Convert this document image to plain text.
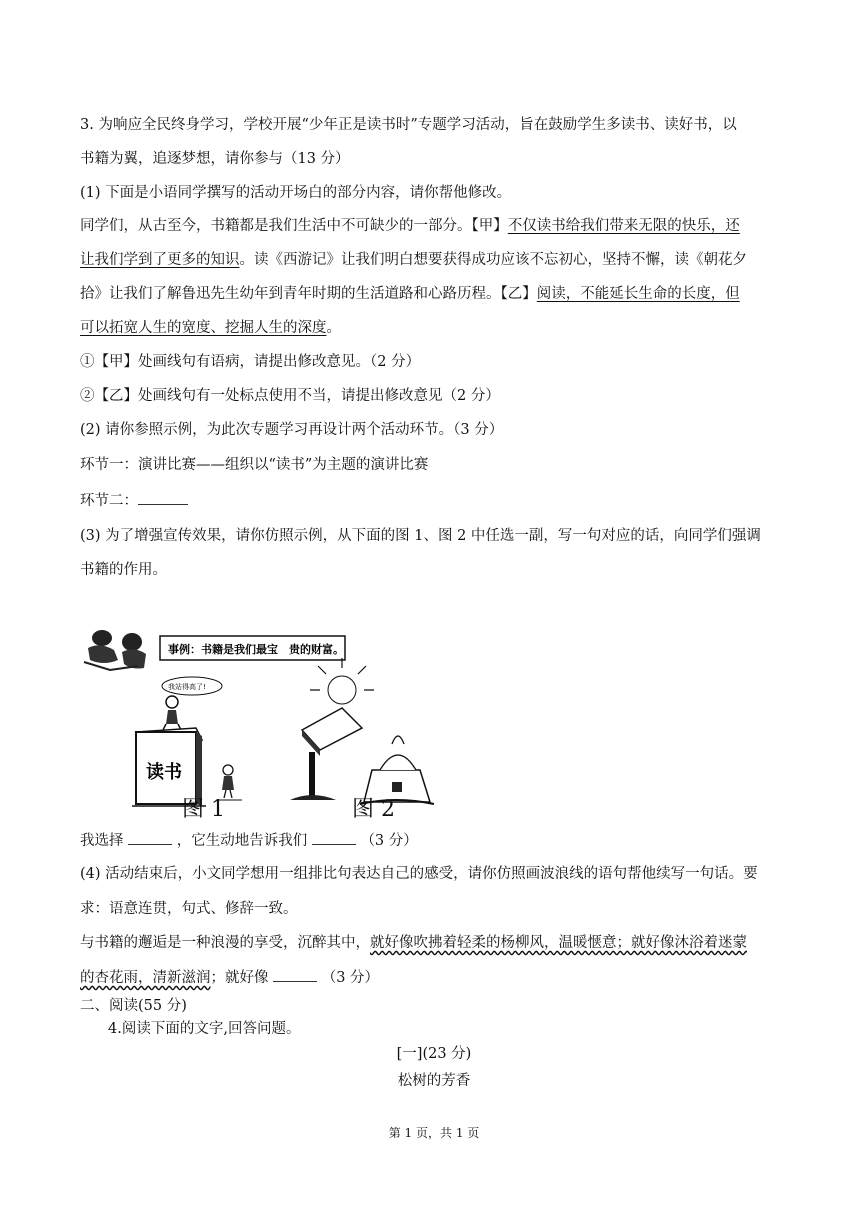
3. 为响应全民终身学习，学校开展“少年正是读书时”专题学习活动，旨在鼓励学生多读书、读好书，以
书籍为翼，追逐梦想，请你参与（13 分）
(1) 下面是小语同学撰写的活动开场白的部分内容，请你帮他修改。
同学们，从古至今，书籍都是我们生活中不可缺少的一部分。【甲】不仅读书给我们带来无限的快乐，还
让我们学到了更多的知识。读《西游记》让我们明白想要获得成功应该不忘初心，坚持不懈，读《朝花夕
拾》让我们了解鲁迅先生幼年到青年时期的生活道路和心路历程。【乙】阅读，不能延长生命的长度，但
可以拓宽人生的宽度、挖掘人生的深度。
①【甲】处画线句有语病，请提出修改意见。（2 分）
②【乙】处画线句有一处标点使用不当，请提出修改意见（2 分）
(2) 请你参照示例，为此次专题学习再设计两个活动环节。（3 分）
环节一：演讲比赛——组织以“读书”为主题的演讲比赛
环节二：
(3) 为了增强宣传效果，请你仿照示例，从下面的图 1、图 2 中任选一副，写一句对应的话，向同学们强调
书籍的作用。
事例：书籍是我们最宝　贵的财富。
我站得高了!
读书
图 1	图 2
我选择	，它生动地告诉我们	（3 分）
(4) 活动结束后，小文同学想用一组排比句表达自己的感受，请你仿照画波浪线的语句帮他续写一句话。要
求：语意连贯，句式、修辞一致。
与书籍的邂逅是一种浪漫的享受，沉醉其中，就好像吹拂着轻柔的杨柳风，温暖惬意；就好像沐浴着迷蒙
的杏花雨，清新滋润；就好像	（3 分）
二、阅读(55 分)
4.阅读下面的文字,回答问题。
[一](23 分)
松树的芳香
第 1 页，共 1 页
